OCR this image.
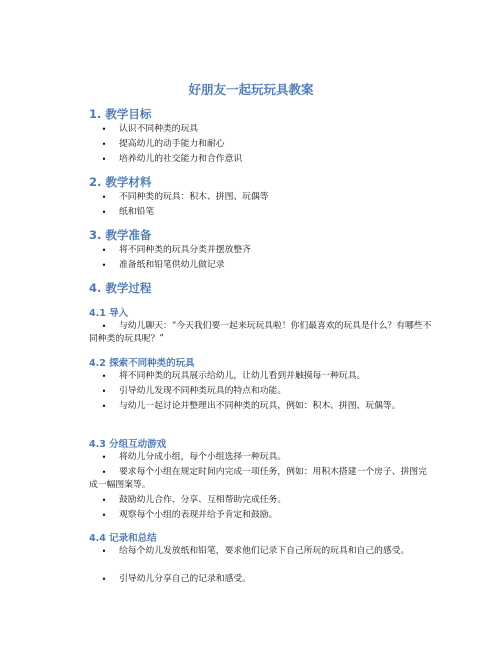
好朋友一起玩玩具教案
1. 教学目标
•	认识不同种类的玩具
•	提高幼儿的动手能力和耐心
•	培养幼儿的社交能力和合作意识
2. 教学材料
•	不同种类的玩具：积木、拼图、玩偶等
•	纸和铅笔
3. 教学准备
•	将不同种类的玩具分类并摆放整齐
•	准备纸和铅笔供幼儿做记录
4. 教学过程
4.1 导入
•	与幼儿聊天：“今天我们要一起来玩玩具啦！你们最喜欢的玩具是什么？有哪些不同种类的玩具呢？”
4.2 探索不同种类的玩具
•	将不同种类的玩具展示给幼儿，让幼儿看到并触摸每一种玩具。
•	引导幼儿发现不同种类玩具的特点和功能。
•	与幼儿一起讨论并整理出不同种类的玩具，例如：积木、拼图、玩偶等。
4.3 分组互动游戏
•	将幼儿分成小组，每个小组选择一种玩具。
•	要求每个小组在规定时间内完成一项任务，例如：用积木搭建一个房子、拼图完成一幅图案等。
•	鼓励幼儿合作、分享、互相帮助完成任务。
•	观察每个小组的表现并给予肯定和鼓励。
4.4 记录和总结
•	给每个幼儿发放纸和铅笔，要求他们记录下自己所玩的玩具和自己的感受。
•	引导幼儿分享自己的记录和感受。
